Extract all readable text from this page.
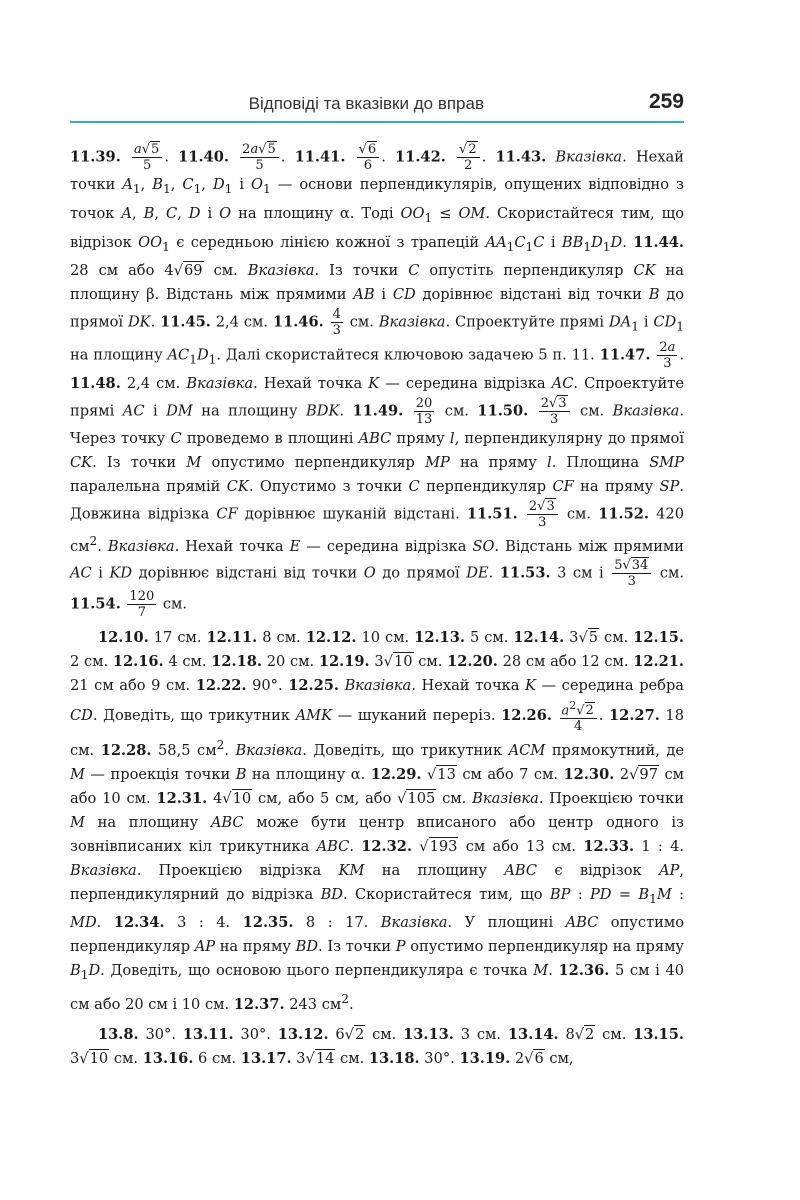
Відповіді та вказівки до вправ	259

11.39. $\frac{a√5}{5}$ . 11.40. $\frac{2a√5}{5}$ . 11.41. $\frac{√6}{6}$ . 11.42. $\frac{√2}{2}$ . 11.43. Вказівка. Нехай точки $A_1$, $B_1$, $C_1$, $D_1$ і $O_1$ — основи перпендикулярів, опущених відповідно з точок A, B, C, D і O на площину α. Тоді $OO_1$ ≤ OM. Скористайтеся тим, що відрізок $OO_1$ є середньою лінією кожної з трапецій $AA_1C_1C$ і $BB_1D_1D$. 11.44. 28 см або 4√69 см. Вказівка. Із точки C опустіть перпендикуляр CK на площину β. Відстань між прямими AB і CD дорівнює відстані від точки B до прямої DK. 11.45. 2,4 см. 11.46. $\frac{4}{3}$ см. Вказівка. Спроектуйте прямі $DA_1$ і $CD_1$ на площину $AC_1D_1$. Далі скористайтеся ключовою задачею 5 п. 11. 11.47. $\frac{2a}{3}$ . 11.48. 2,4 см. Вказівка. Нехай точка K — середина відрізка AC. Спроектуйте прямі AC і DM на площину BDK. 11.49. $\frac{20}{13}$ см. 11.50. $\frac{2√3}{3}$ см. Вказівка. Через точку C проведемо в площині ABC пряму l, перпендикулярну до прямої CK. Із точки M опустимо перпендикуляр MP на пряму l. Площина SMP паралельна прямій CK. Опустимо з точки C перпендикуляр CF на пряму SP. Довжина відрізка CF дорівнює шуканій відстані. 11.51. $\frac{2√3}{3}$ см. 11.52. 420 $см^2$. Вказівка. Нехай точка E — середина відрізка SO. Відстань між прямими AC і KD дорівнює відстані від точки O до прямої DE. 11.53. 3 см і $\frac{5√34}{3}$ см. 11.54. $\frac{120}{7}$ см.

12.10. 17 см. 12.11. 8 см. 12.12. 10 см. 12.13. 5 см. 12.14. 3√5 см. 12.15. 2 см. 12.16. 4 см. 12.18. 20 см. 12.19. 3√10 см. 12.20. 28 см або 12 см. 12.21. 21 см або 9 см. 12.22. 90°. 12.25. Вказівка. Нехай точка K — середина ребра CD. Доведіть, що трикутник AMK — шуканий переріз. 12.26. $\frac{a^2√2}{4}$ . 12.27. 18 см. 12.28. 58,5 $см^2$. Вказівка. Доведіть, що трикутник ACM прямокутний, де M — проекція точки B на площину α. 12.29. √13 см або 7 см. 12.30. 2√97 см або 10 см. 12.31. 4√10 см, або 5 см, або √105 см. Вказівка. Проекцією точки M на площину ABC може бути центр вписаного або центр одного із зовнівписаних кіл трикутника ABC. 12.32. √193 см або 13 см. 12.33. 1 : 4. Вказівка. Проекцією відрізка KM на площину ABC є відрізок AP, перпендикулярний до відрізка BD. Скористайтеся тим, що BP : PD = $B_1M$ : MD. 12.34. 3 : 4. 12.35. 8 : 17. Вказівка. У площині ABC опустимо перпендикуляр AP на пряму BD. Із точки P опустимо перпендикуляр на пряму $B_1D$. Доведіть, що основою цього перпендикуляра є точка M. 12.36. 5 см і 40 см або 20 см і 10 см. 12.37. 243 $см^2$.

13.8. 30°. 13.11. 30°. 13.12. 6√2 см. 13.13. 3 см. 13.14. 8√2 см. 13.15. 3√10 см. 13.16. 6 см. 13.17. 3√14 см. 13.18. 30°. 13.19. 2√6 см,
